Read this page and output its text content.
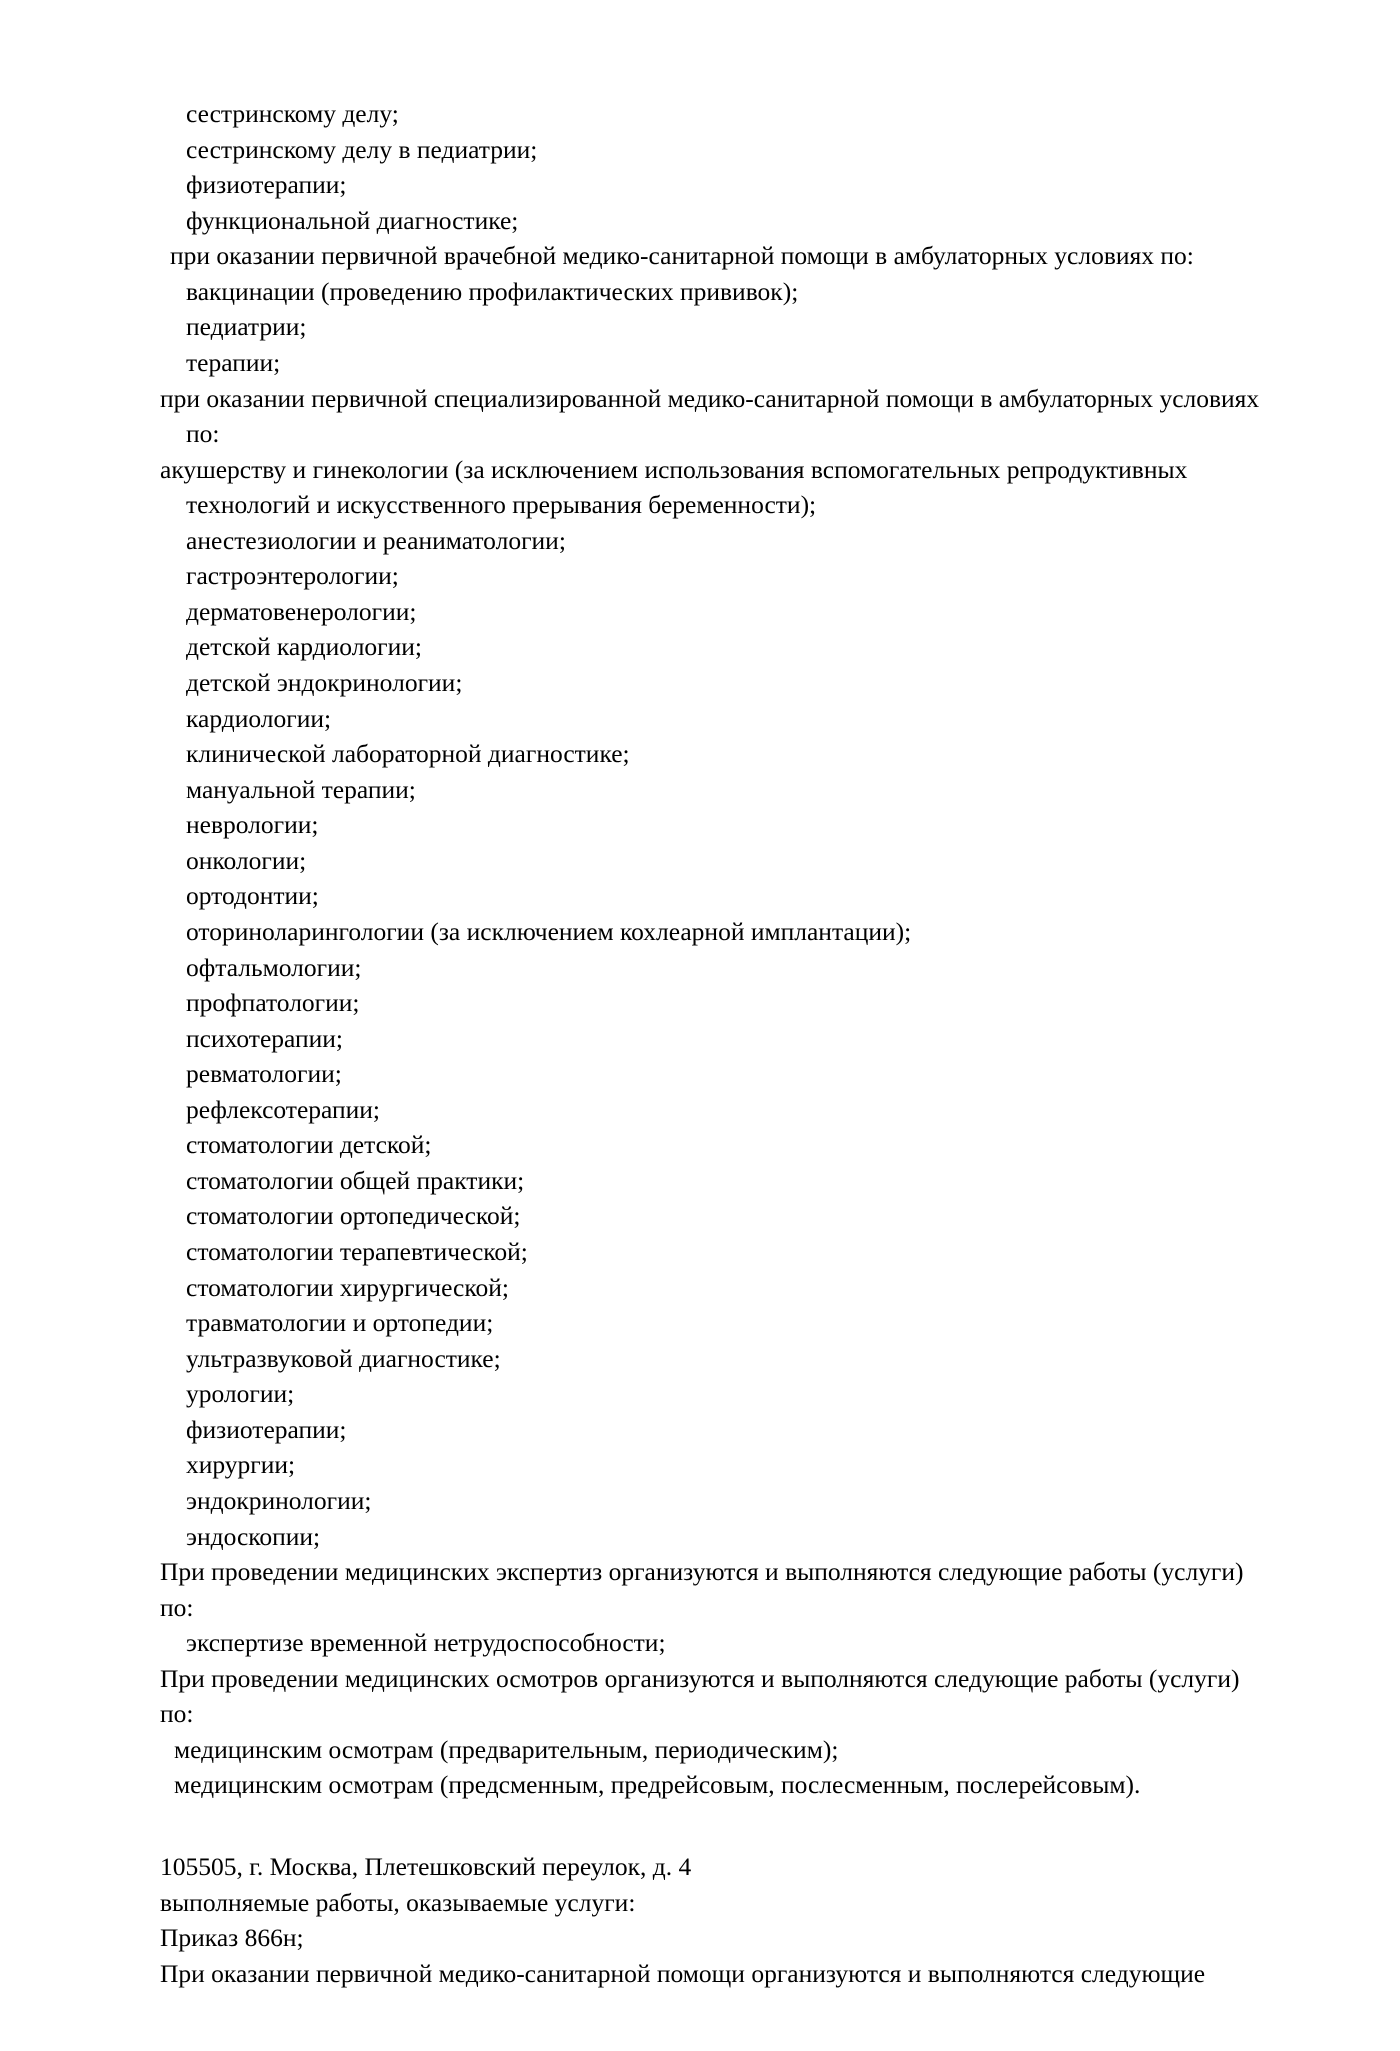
сестринскому делу;
сестринскому делу в педиатрии;
физиотерапии;
функциональной диагностике;
при оказании первичной врачебной медико-санитарной помощи в амбулаторных условиях по:
вакцинации (проведению профилактических прививок);
педиатрии;
терапии;
при оказании первичной специализированной медико-санитарной помощи в амбулаторных условиях по:
акушерству и гинекологии (за исключением использования вспомогательных репродуктивных технологий и искусственного прерывания беременности);
анестезиологии и реаниматологии;
гастроэнтерологии;
дерматовенерологии;
детской кардиологии;
детской эндокринологии;
кардиологии;
клинической лабораторной диагностике;
мануальной терапии;
неврологии;
онкологии;
ортодонтии;
оториноларингологии (за исключением кохлеарной имплантации);
офтальмологии;
профпатологии;
психотерапии;
ревматологии;
рефлексотерапии;
стоматологии детской;
стоматологии общей практики;
стоматологии ортопедической;
стоматологии терапевтической;
стоматологии хирургической;
травматологии и ортопедии;
ультразвуковой диагностике;
урологии;
физиотерапии;
хирургии;
эндокринологии;
эндоскопии;
При проведении медицинских экспертиз организуются и выполняются следующие работы (услуги) по:
экспертизе временной нетрудоспособности;
При проведении медицинских осмотров организуются и выполняются следующие работы (услуги) по:
медицинским осмотрам (предварительным, периодическим);
медицинским осмотрам (предсменным, предрейсовым, послесменным, послерейсовым).
105505, г. Москва, Плетешковский переулок, д. 4
выполняемые работы, оказываемые услуги:
Приказ 866н;
При оказании первичной медико-санитарной помощи организуются и выполняются следующие
